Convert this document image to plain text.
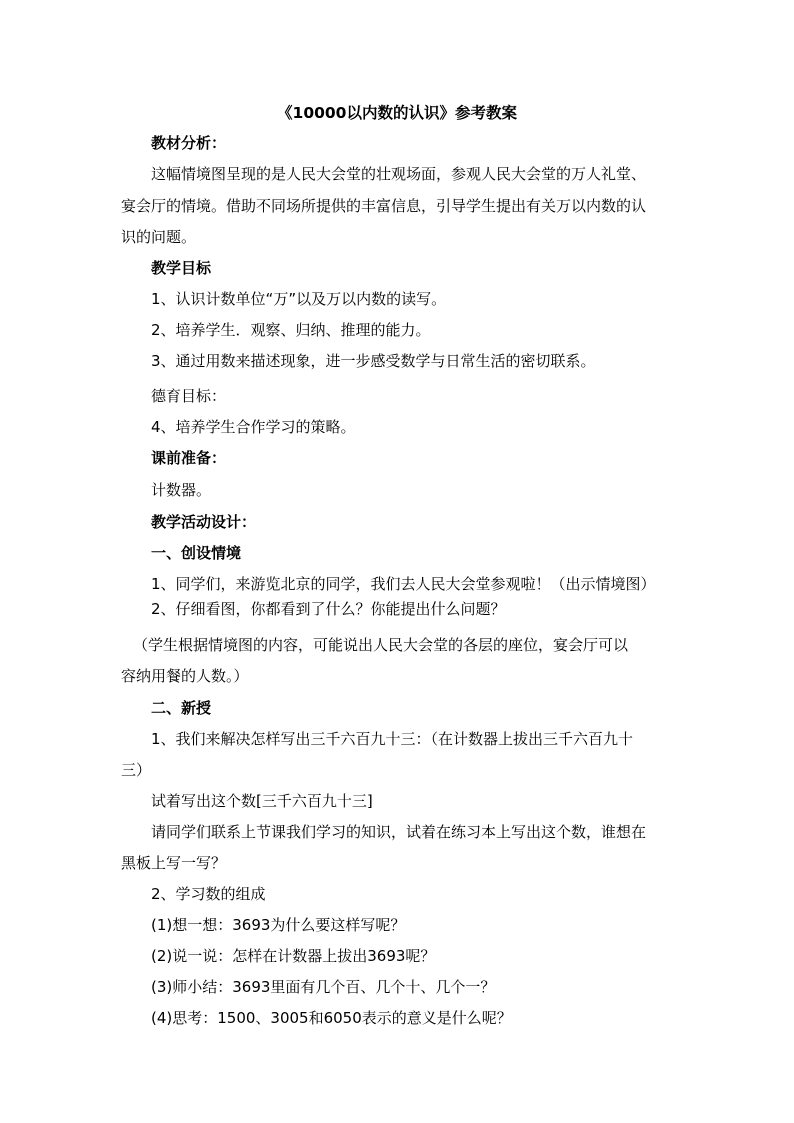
《10000以内数的认识》参考教案
教材分析：
这幅情境图呈现的是人民大会堂的壮观场面，参观人民大会堂的万人礼堂、
宴会厅的情境。借助不同场所提供的丰富信息，引导学生提出有关万以内数的认
识的问题。
教学目标
1、认识计数单位“万”以及万以内数的读写。
2、培养学生．观察、归纳、推理的能力。
3、通过用数来描述现象，进一步感受数学与日常生活的密切联系。
德育目标：
4、培养学生合作学习的策略。
课前准备：
计数器。
教学活动设计：
一、创设情境
1、同学们，来游览北京的同学，我们去人民大会堂参观啦！（出示情境图）
2、仔细看图，你都看到了什么？你能提出什么问题？
（学生根据情境图的内容，可能说出人民大会堂的各层的座位，宴会厅可以
容纳用餐的人数。）
二、新授
1、我们来解决怎样写出三千六百九十三：（在计数器上拔出三千六百九十
三）
试着写出这个数[三千六百九十三]
请同学们联系上节课我们学习的知识，试着在练习本上写出这个数，谁想在
黑板上写一写？
2、学习数的组成
(1)想一想：3693为什么要这样写呢？
(2)说一说：怎样在计数器上拔出3693呢？
(3)师小结：3693里面有几个百、几个十、几个一？
(4)思考：1500、3005和6050表示的意义是什么呢？
